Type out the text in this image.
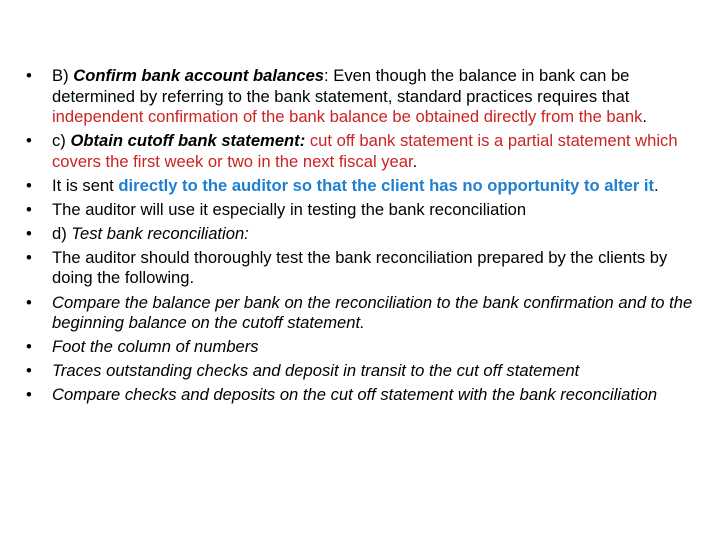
•	B) Confirm bank account balances: Even though the balance in bank can be determined by referring to the bank statement, standard practices requires that independent confirmation of the bank balance be obtained directly from the bank.
•	c) Obtain cutoff bank statement: cut off bank statement is a partial statement which covers the first week or two in the next fiscal year.
•	It is sent directly to the auditor so that the client has no opportunity to alter it.
•	The auditor will use it especially in testing the bank reconciliation
•	d) Test bank reconciliation:
•	The auditor should thoroughly test the bank reconciliation prepared by the clients by doing the following.
•	Compare the balance per bank on the reconciliation to the bank confirmation and to the beginning balance on the cutoff statement.
•	Foot the column of numbers
•	Traces outstanding checks and deposit in transit to the cut off statement
•	Compare checks and deposits on the cut off statement with the bank reconciliation
